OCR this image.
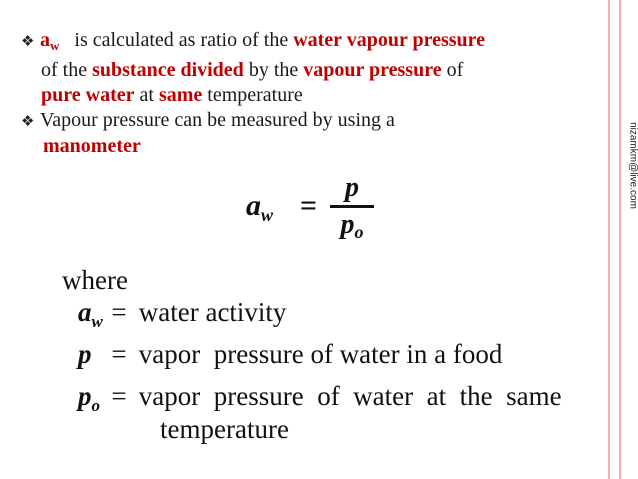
❖ $a_w$ is calculated as ratio of the water vapour pressure
of the substance divided by the vapour pressure of
pure water at same temperature
❖ Vapour pressure can be measured by using a
manometer	nizamkm@live.com
$a_w$ =
p
po
where
$a_w$ = water activity
p = vapor  pressure of water in a food
$p_o$ = vapor  pressure  of  water  at  the  same
temperature
